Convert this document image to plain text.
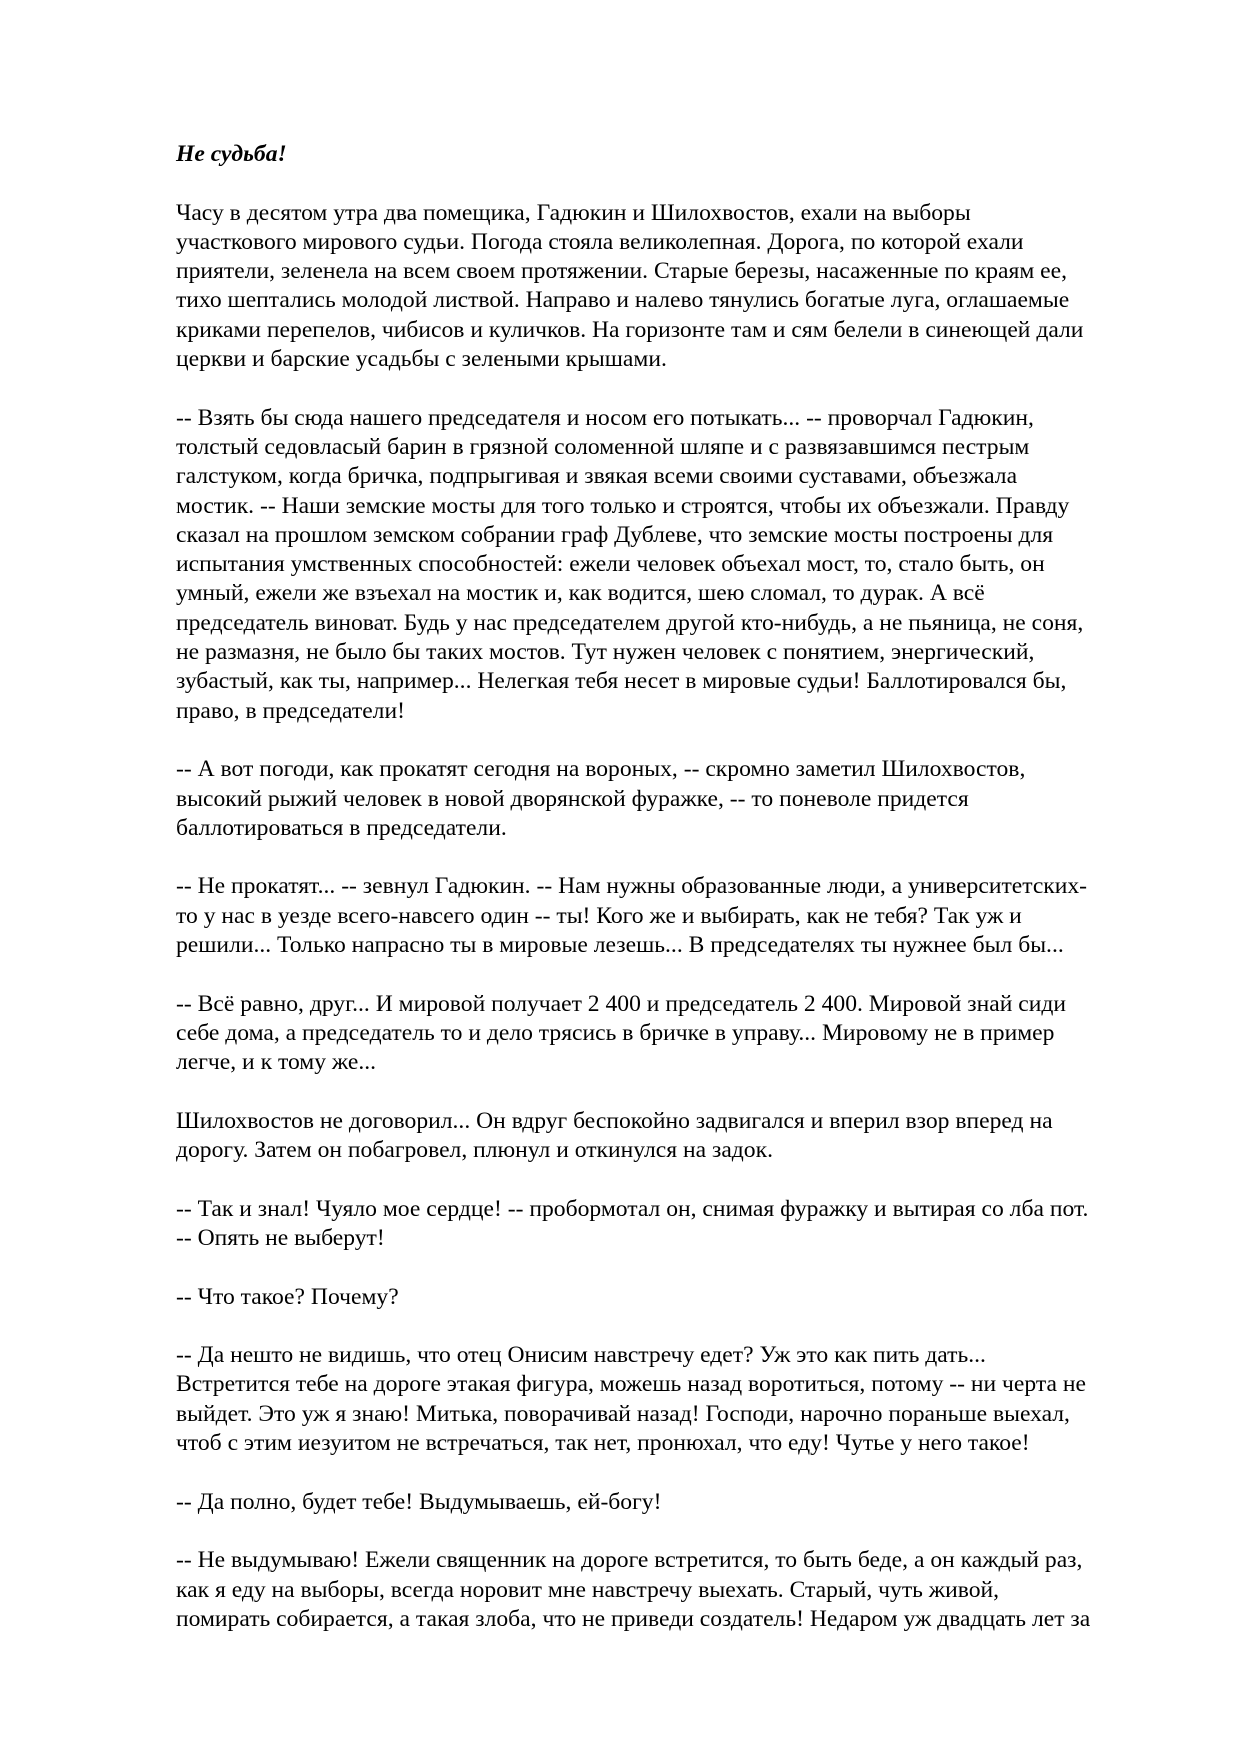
Не судьба!
Часу в десятом утра два помещика, Гадюкин и Шилохвостов, ехали на выборы
участкового мирового судьи. Погода стояла великолепная. Дорога, по которой ехали
приятели, зеленела на всем своем протяжении. Старые березы, насаженные по краям ее,
тихо шептались молодой листвой. Направо и налево тянулись богатые луга, оглашаемые
криками перепелов, чибисов и куличков. На горизонте там и сям белели в синеющей дали
церкви и барские усадьбы с зелеными крышами.
-- Взять бы сюда нашего председателя и носом его потыкать... -- проворчал Гадюкин,
толстый седовласый барин в грязной соломенной шляпе и с развязавшимся пестрым
галстуком, когда бричка, подпрыгивая и звякая всеми своими суставами, объезжала
мостик. -- Наши земские мосты для того только и строятся, чтобы их объезжали. Правду
сказал на прошлом земском собрании граф Дублеве, что земские мосты построены для
испытания умственных способностей: ежели человек объехал мост, то, стало быть, он
умный, ежели же взъехал на мостик и, как водится, шею сломал, то дурак. А всё
председатель виноват. Будь у нас председателем другой кто-нибудь, а не пьяница, не соня,
не размазня, не было бы таких мостов. Тут нужен человек с понятием, энергический,
зубастый, как ты, например... Нелегкая тебя несет в мировые судьи! Баллотировался бы,
право, в председатели!
-- А вот погоди, как прокатят сегодня на вороных, -- скромно заметил Шилохвостов,
высокий рыжий человек в новой дворянской фуражке, -- то поневоле придется
баллотироваться в председатели.
-- Не прокатят... -- зевнул Гадюкин. -- Нам нужны образованные люди, а университетских-
то у нас в уезде всего-навсего один -- ты! Кого же и выбирать, как не тебя? Так уж и
решили... Только напрасно ты в мировые лезешь... В председателях ты нужнее был бы...
-- Всё равно, друг... И мировой получает 2 400 и председатель 2 400. Мировой знай сиди
себе дома, а председатель то и дело трясись в бричке в управу... Мировому не в пример
легче, и к тому же...
Шилохвостов не договорил... Он вдруг беспокойно задвигался и вперил взор вперед на
дорогу. Затем он побагровел, плюнул и откинулся на задок.
-- Так и знал! Чуяло мое сердце! -- пробормотал он, снимая фуражку и вытирая со лба пот.
-- Опять не выберут!
-- Что такое? Почему?
-- Да нешто не видишь, что отец Онисим навстречу едет? Уж это как пить дать...
Встретится тебе на дороге этакая фигура, можешь назад воротиться, потому -- ни черта не
выйдет. Это уж я знаю! Митька, поворачивай назад! Господи, нарочно пораньше выехал,
чтоб с этим иезуитом не встречаться, так нет, пронюхал, что еду! Чутье у него такое!
-- Да полно, будет тебе! Выдумываешь, ей-богу!
-- Не выдумываю! Ежели священник на дороге встретится, то быть беде, а он каждый раз,
как я еду на выборы, всегда норовит мне навстречу выехать. Старый, чуть живой,
помирать собирается, а такая злоба, что не приведи создатель! Недаром уж двадцать лет за
